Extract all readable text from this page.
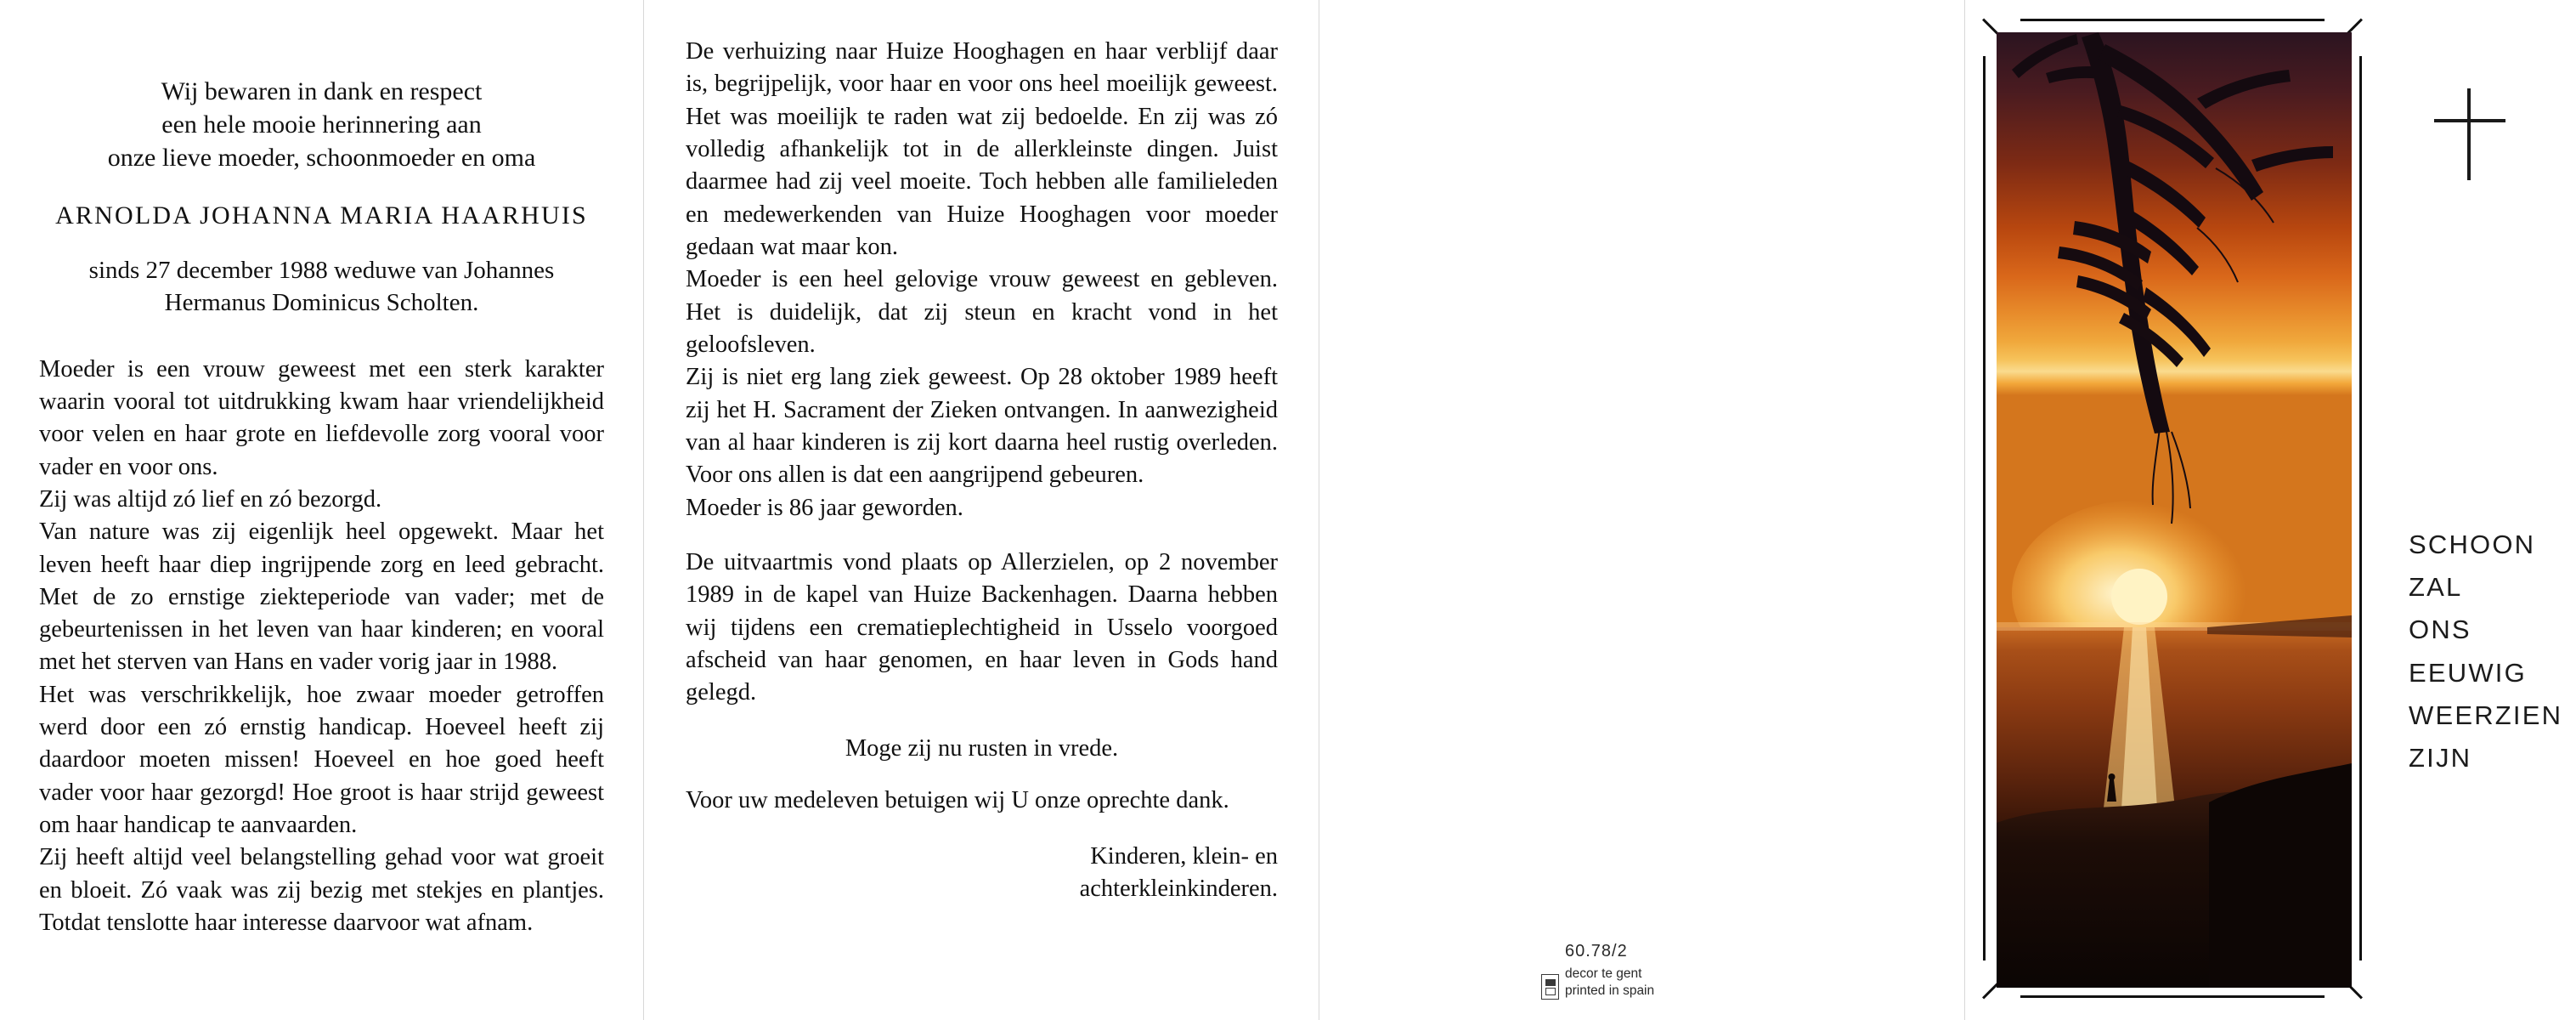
Wij bewaren in dank en respect
een hele mooie herinnering aan
onze lieve moeder, schoonmoeder en oma
ARNOLDA JOHANNA MARIA HAARHUIS
sinds 27 december 1988 weduwe van Johannes Hermanus Dominicus Scholten.

Moeder is een vrouw geweest met een sterk karakter waarin vooral tot uitdrukking kwam haar vriendelijkheid voor velen en haar grote en liefdevolle zorg vooral voor vader en voor ons.

Zij was altijd zó lief en zó bezorgd.

Van nature was zij eigenlijk heel opgewekt. Maar het leven heeft haar diep ingrijpende zorg en leed gebracht. Met de zo ernstige ziekteperiode van vader; met de gebeurtenissen in het leven van haar kinderen; en vooral met het sterven van Hans en vader vorig jaar in 1988.

Het was verschrikkelijk, hoe zwaar moeder getroffen werd door een zó ernstig handicap. Hoeveel heeft zij daardoor moeten missen! Hoeveel en hoe goed heeft vader voor haar gezorgd! Hoe groot is haar strijd geweest om haar handicap te aanvaarden.

Zij heeft altijd veel belangstelling gehad voor wat groeit en bloeit. Zó vaak was zij bezig met stekjes en plantjes. Totdat tenslotte haar interesse daarvoor wat afnam.

De verhuizing naar Huize Hooghagen en haar verblijf daar is, begrijpelijk, voor haar en voor ons heel moeilijk geweest. Het was moeilijk te raden wat zij bedoelde. En zij was zó volledig afhankelijk tot in de allerkleinste dingen. Juist daarmee had zij veel moeite. Toch hebben alle familieleden en medewerkenden van Huize Hooghagen voor moeder gedaan wat maar kon.

Moeder is een heel gelovige vrouw geweest en gebleven. Het is duidelijk, dat zij steun en kracht vond in het geloofsleven.

Zij is niet erg lang ziek geweest. Op 28 oktober 1989 heeft zij het H. Sacrament der Zieken ontvangen. In aanwezigheid van al haar kinderen is zij kort daarna heel rustig overleden. Voor ons allen is dat een aangrijpend gebeuren.

Moeder is 86 jaar geworden.

De uitvaartmis vond plaats op Allerzielen, op 2 november 1989 in de kapel van Huize Backenhagen. Daarna hebben wij tijdens een crematieplechtigheid in Usselo voorgoed afscheid van haar genomen, en haar leven in Gods hand gelegd.

Moge zij nu rusten in vrede.

Voor uw medeleven betuigen wij U onze oprechte dank.

Kinderen, klein- en
achterkleinkinderen.
60.78/2
decor te gent
printed in spain
SCHOON
ZAL
ONS
EEUWIG
WEERZIEN
ZIJN
